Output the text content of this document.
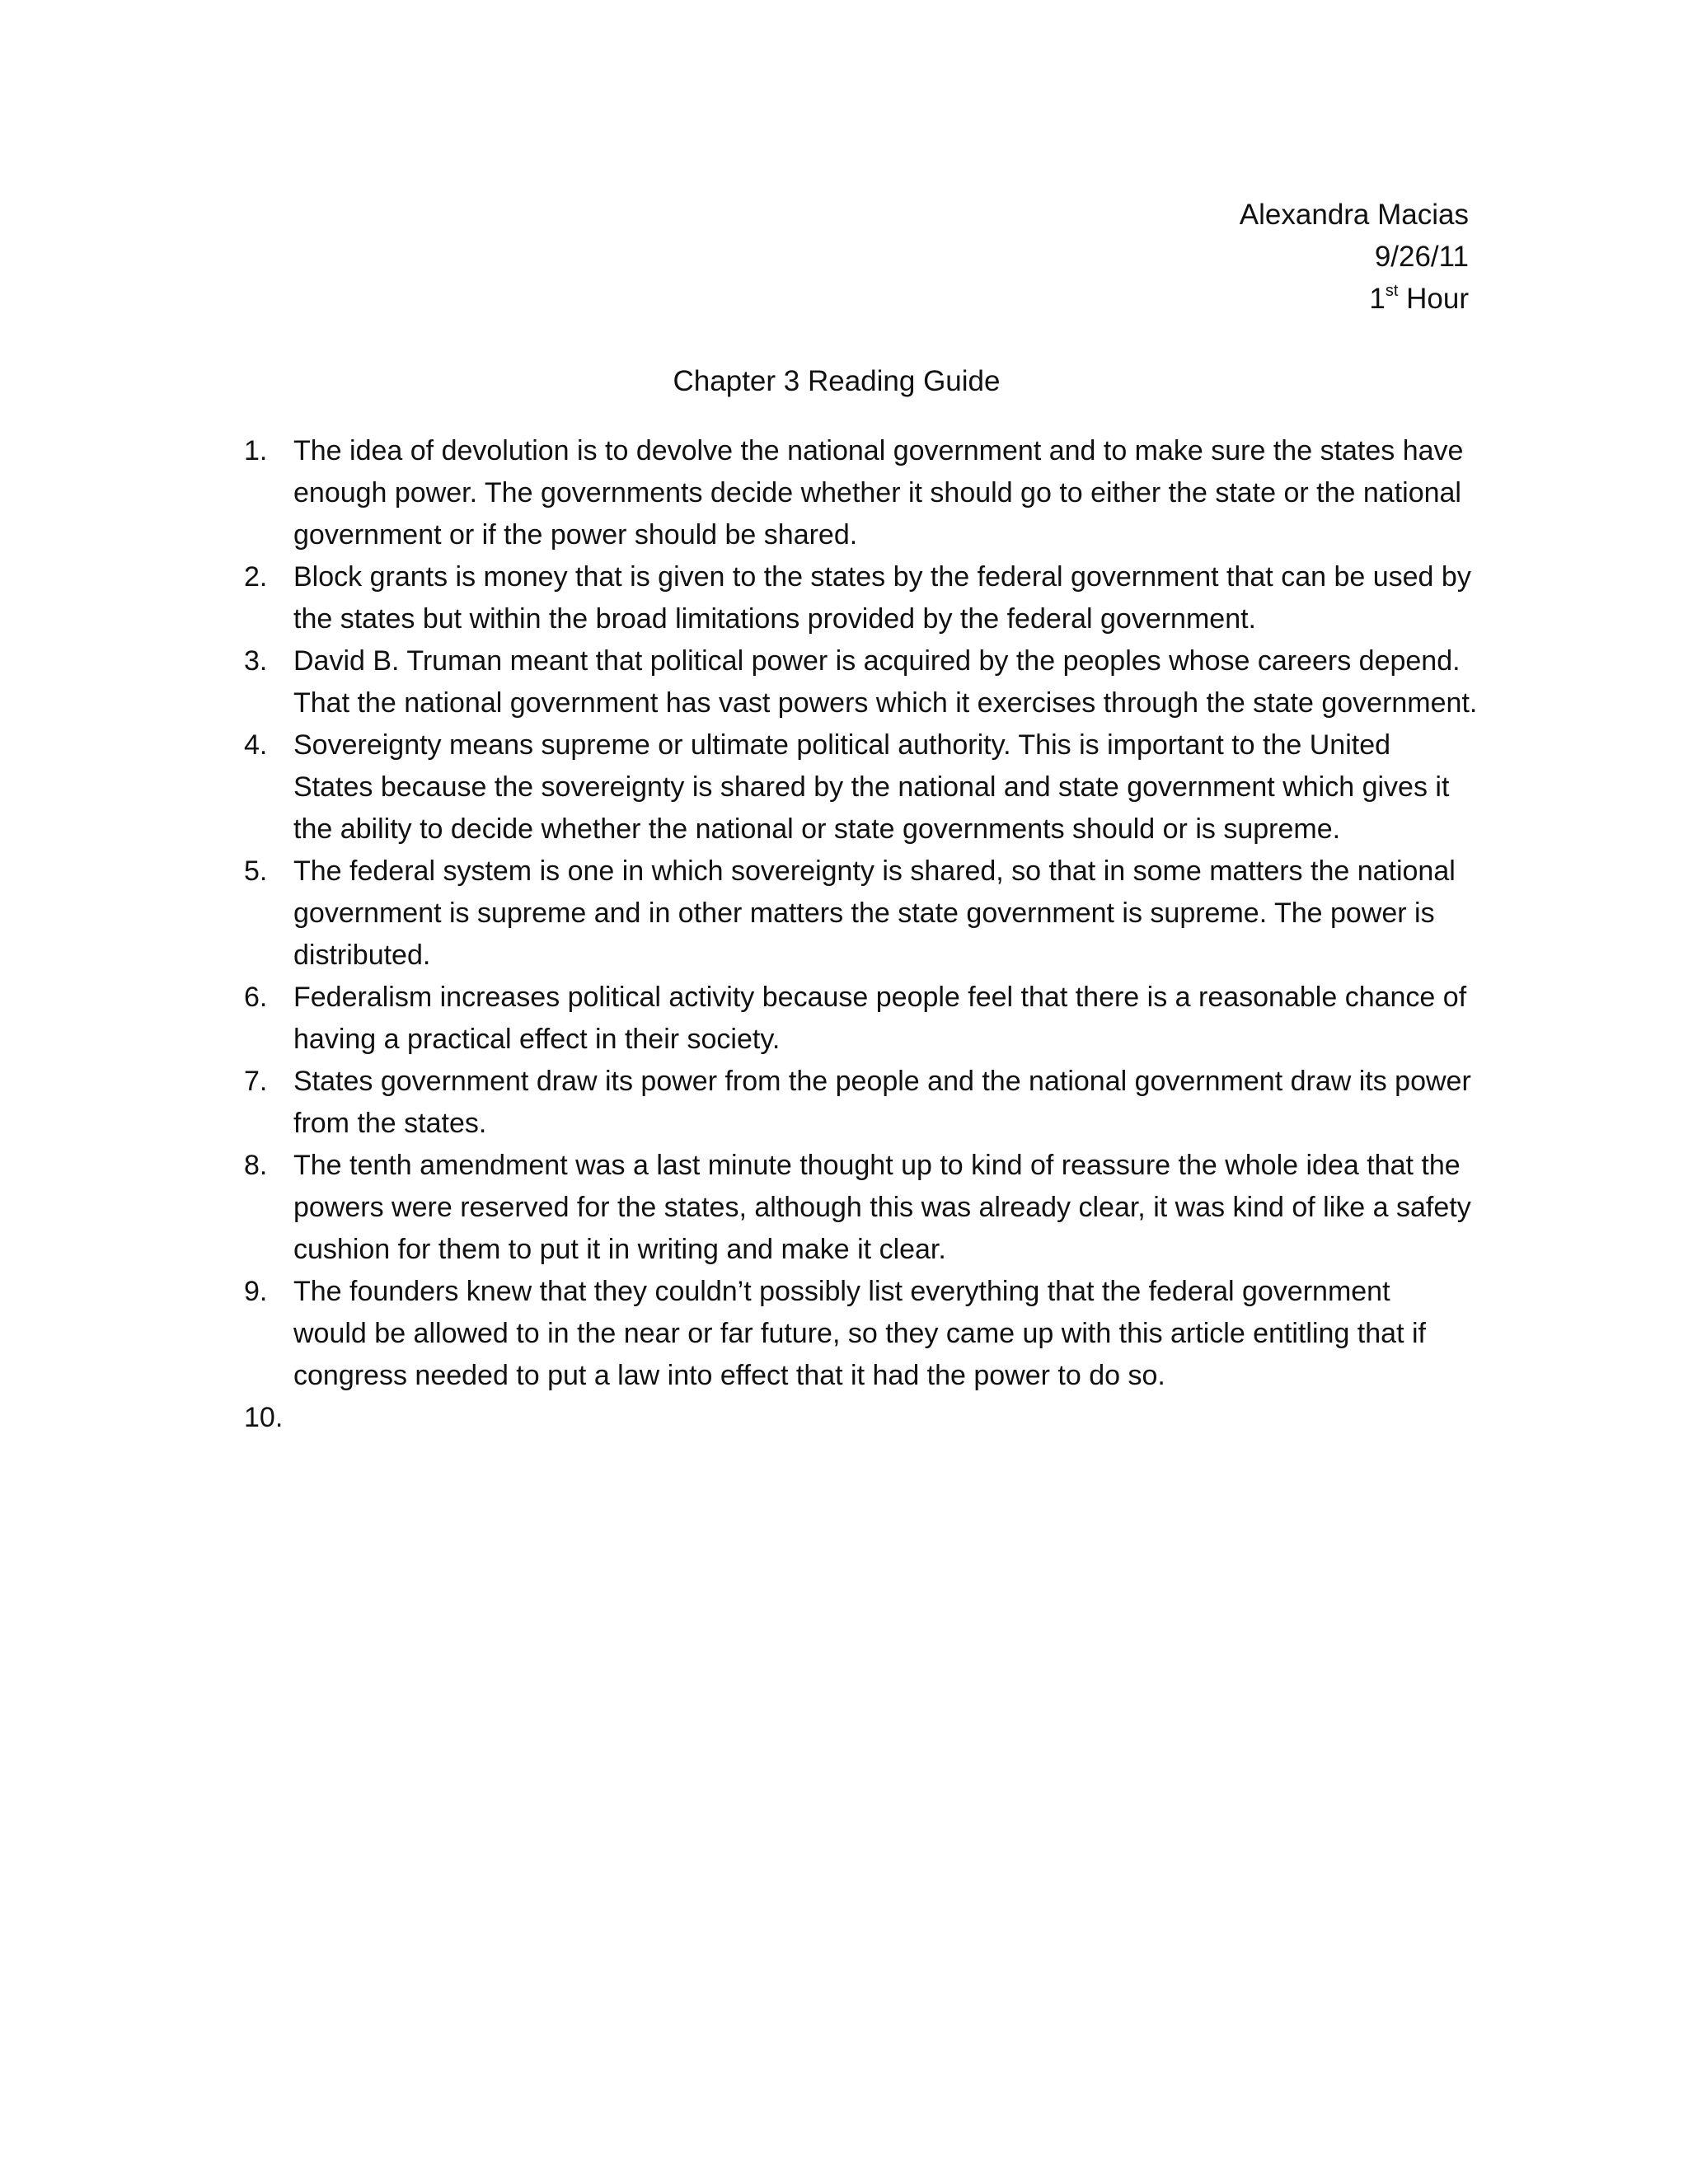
Alexandra Macias
9/26/11
1st Hour
Chapter 3 Reading Guide
1. The idea of devolution is to devolve the national government and to make sure the states have
enough power. The governments decide whether it should go to either the state or the national
government or if the power should be shared.
2. Block grants is money that is given to the states by the federal government that can be used by
the states but within the broad limitations provided by the federal government.
3. David B. Truman meant that political power is acquired by the peoples whose careers depend.
That the national government has vast powers which it exercises through the state government.
4. Sovereignty means supreme or ultimate political authority. This is important to the United
States because the sovereignty is shared by the national and state government which gives it
the ability to decide whether the national or state governments should or is supreme.
5. The federal system is one in which sovereignty is shared, so that in some matters the national
government is supreme and in other matters the state government is supreme. The power is
distributed.
6. Federalism increases political activity because people feel that there is a reasonable chance of
having a practical effect in their society.
7. States government draw its power from the people and the national government draw its power
from the states.
8. The tenth amendment was a last minute thought up to kind of reassure the whole idea that the
powers were reserved for the states, although this was already clear, it was kind of like a safety
cushion for them to put it in writing and make it clear.
9. The founders knew that they couldn’t possibly list everything that the federal government
would be allowed to in the near or far future, so they came up with this article entitling that if
congress needed to put a law into effect that it had the power to do so.
10.
